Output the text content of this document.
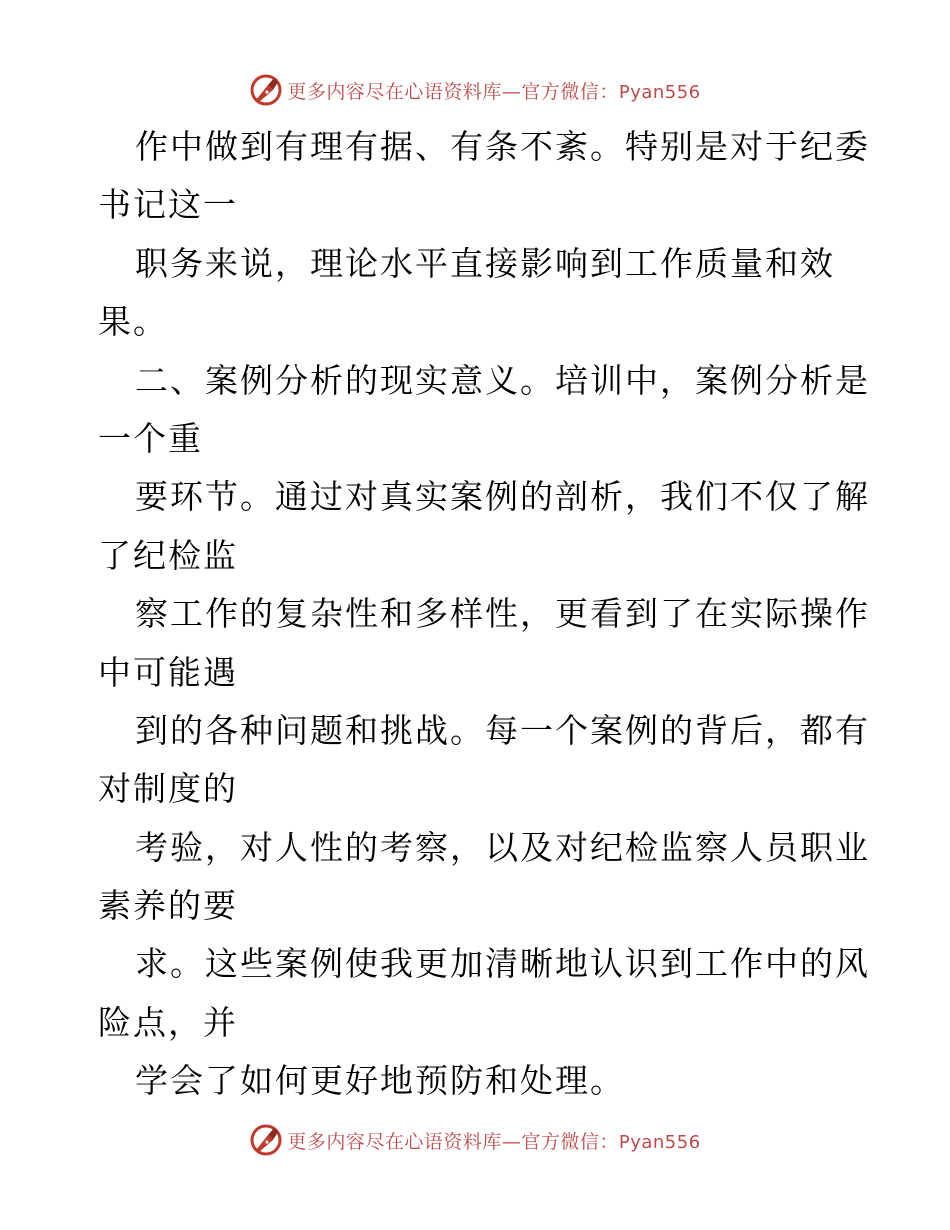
更多内容尽在心语资料库—官方微信：Pyan556
作中做到有理有据、有条不紊。特别是对于纪委
书记这一
职务来说，理论水平直接影响到工作质量和效
果。
二、案例分析的现实意义。培训中，案例分析是
一个重
要环节。通过对真实案例的剖析，我们不仅了解
了纪检监
察工作的复杂性和多样性，更看到了在实际操作
中可能遇
到的各种问题和挑战。每一个案例的背后，都有
对制度的
考验，对人性的考察，以及对纪检监察人员职业
素养的要
求。这些案例使我更加清晰地认识到工作中的风
险点，并
学会了如何更好地预防和处理。
更多内容尽在心语资料库—官方微信：Pyan556
